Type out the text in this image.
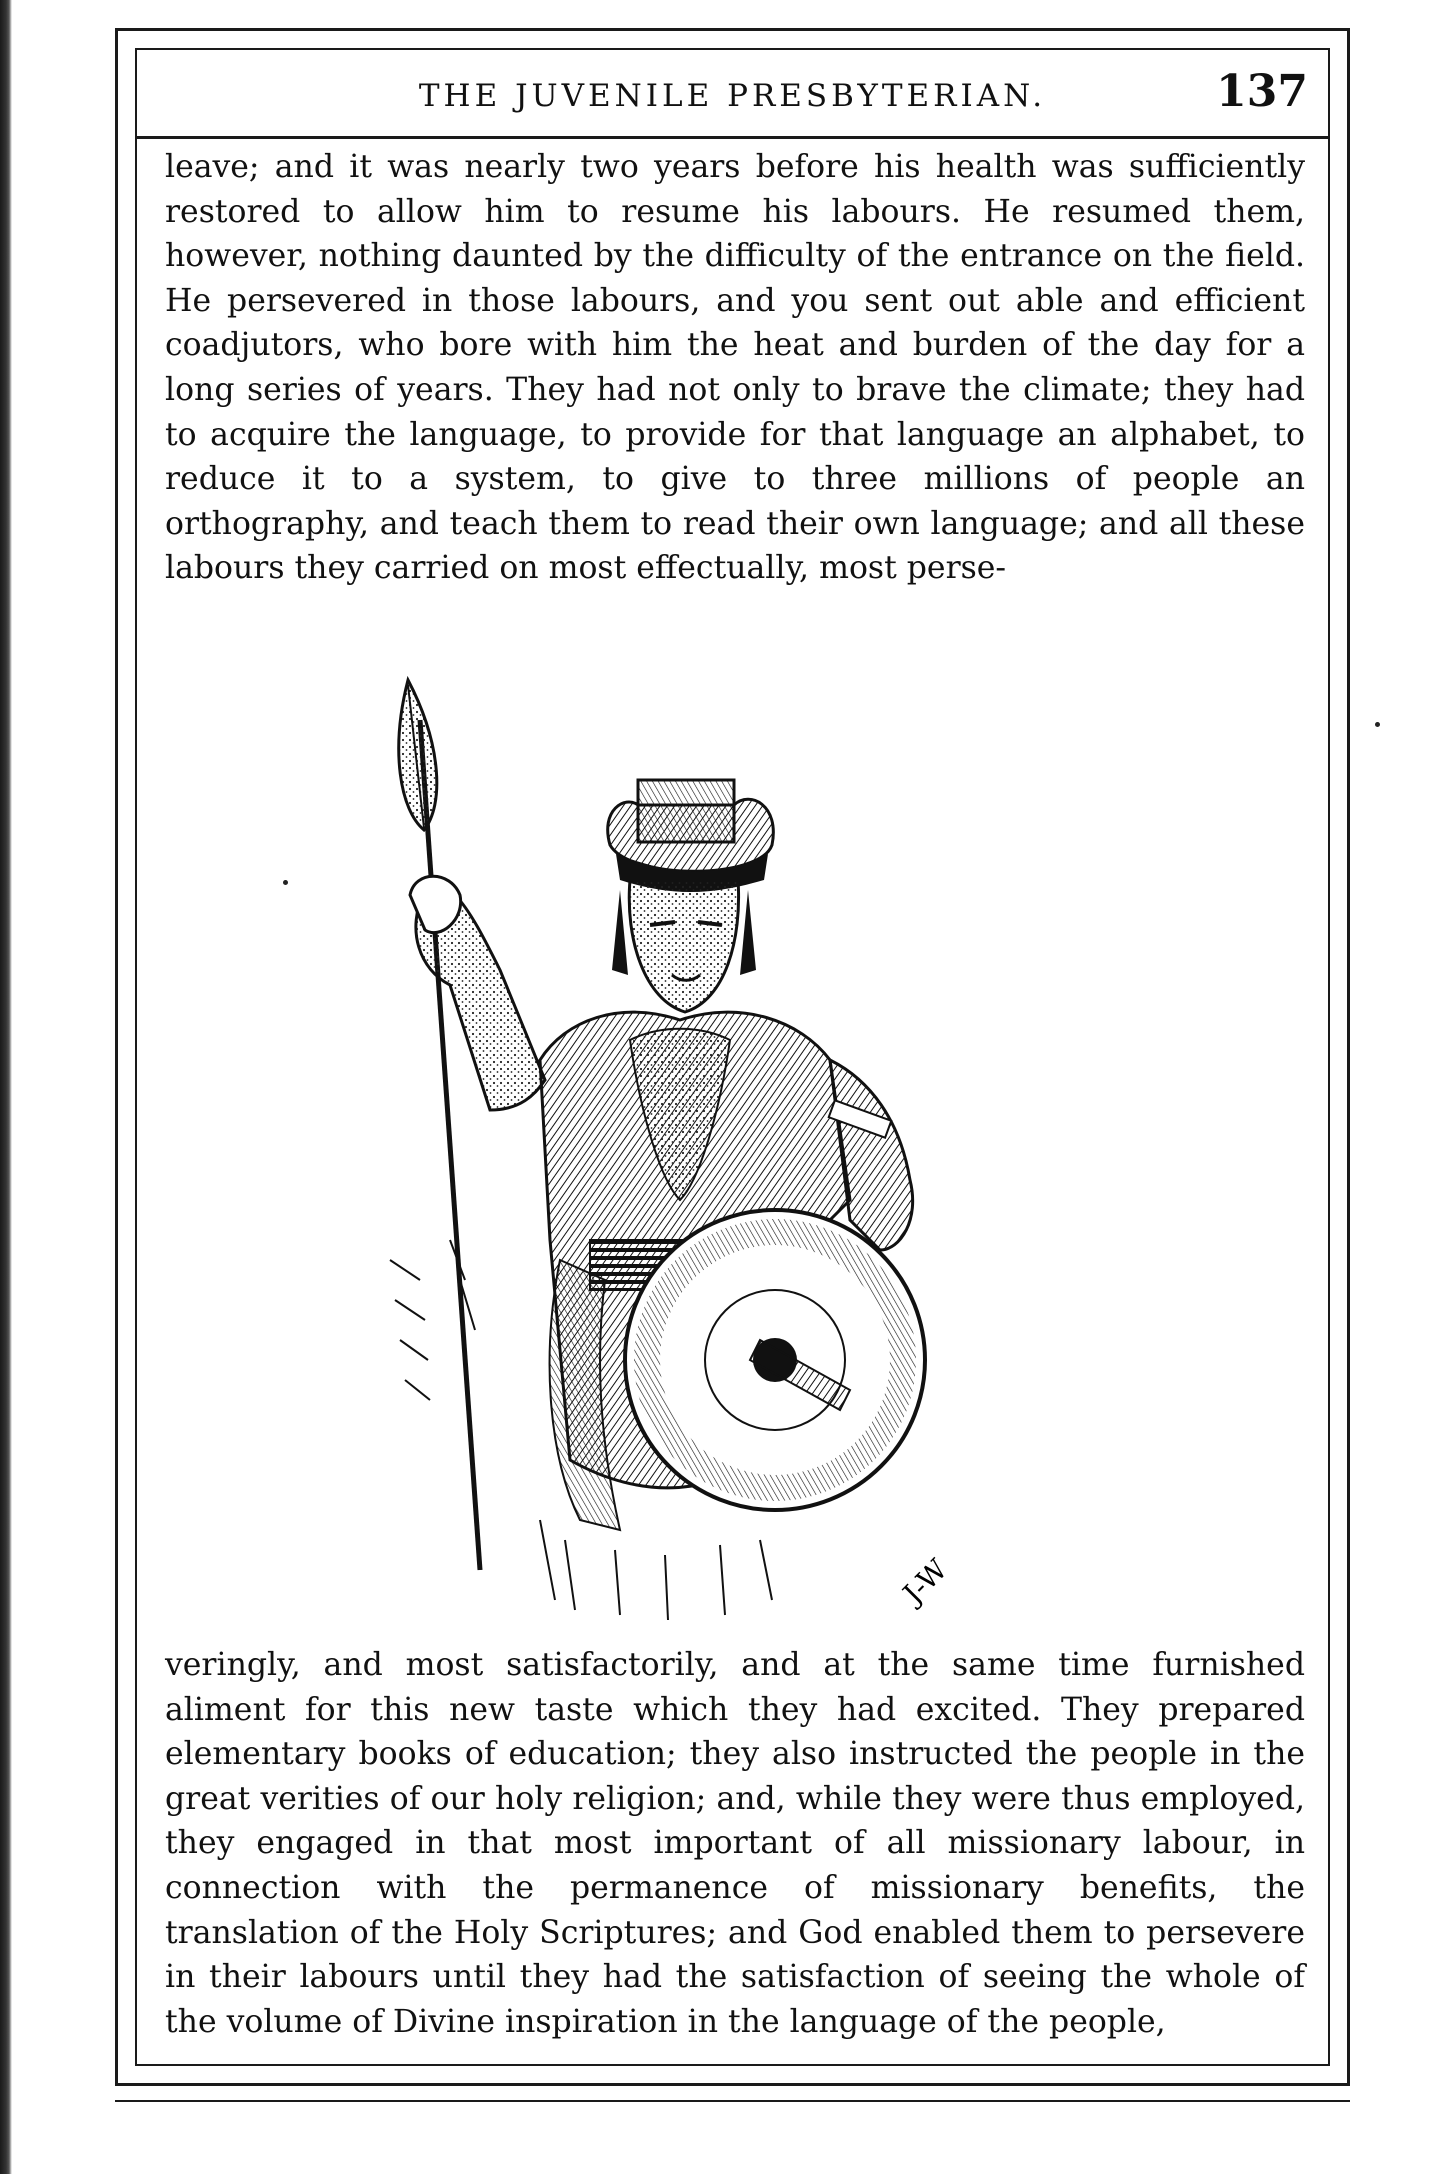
THE JUVENILE PRESBYTERIAN.	137

leave; and it was nearly two years before his health was sufficiently restored to allow him to resume his labours. He resumed them, however, nothing daunted by the difficulty of the entrance on the field. He persevered in those labours, and you sent out able and efficient coadjutors, who bore with him the heat and burden of the day for a long series of years. They had not only to brave the climate; they had to acquire the language, to provide for that language an alphabet, to reduce it to a system, to give to three millions of people an orthography, and teach them to read their own language; and all these labours they carried on most effectually, most perse-

J-W

veringly, and most satisfactorily, and at the same time furnished aliment for this new taste which they had excited. They prepared elementary books of education; they also instructed the people in the great verities of our holy religion; and, while they were thus employed, they engaged in that most important of all missionary labour, in connection with the permanence of missionary benefits, the translation of the Holy Scriptures; and God enabled them to persevere in their labours until they had the satisfaction of seeing the whole of the volume of Divine inspiration in the language of the people,
